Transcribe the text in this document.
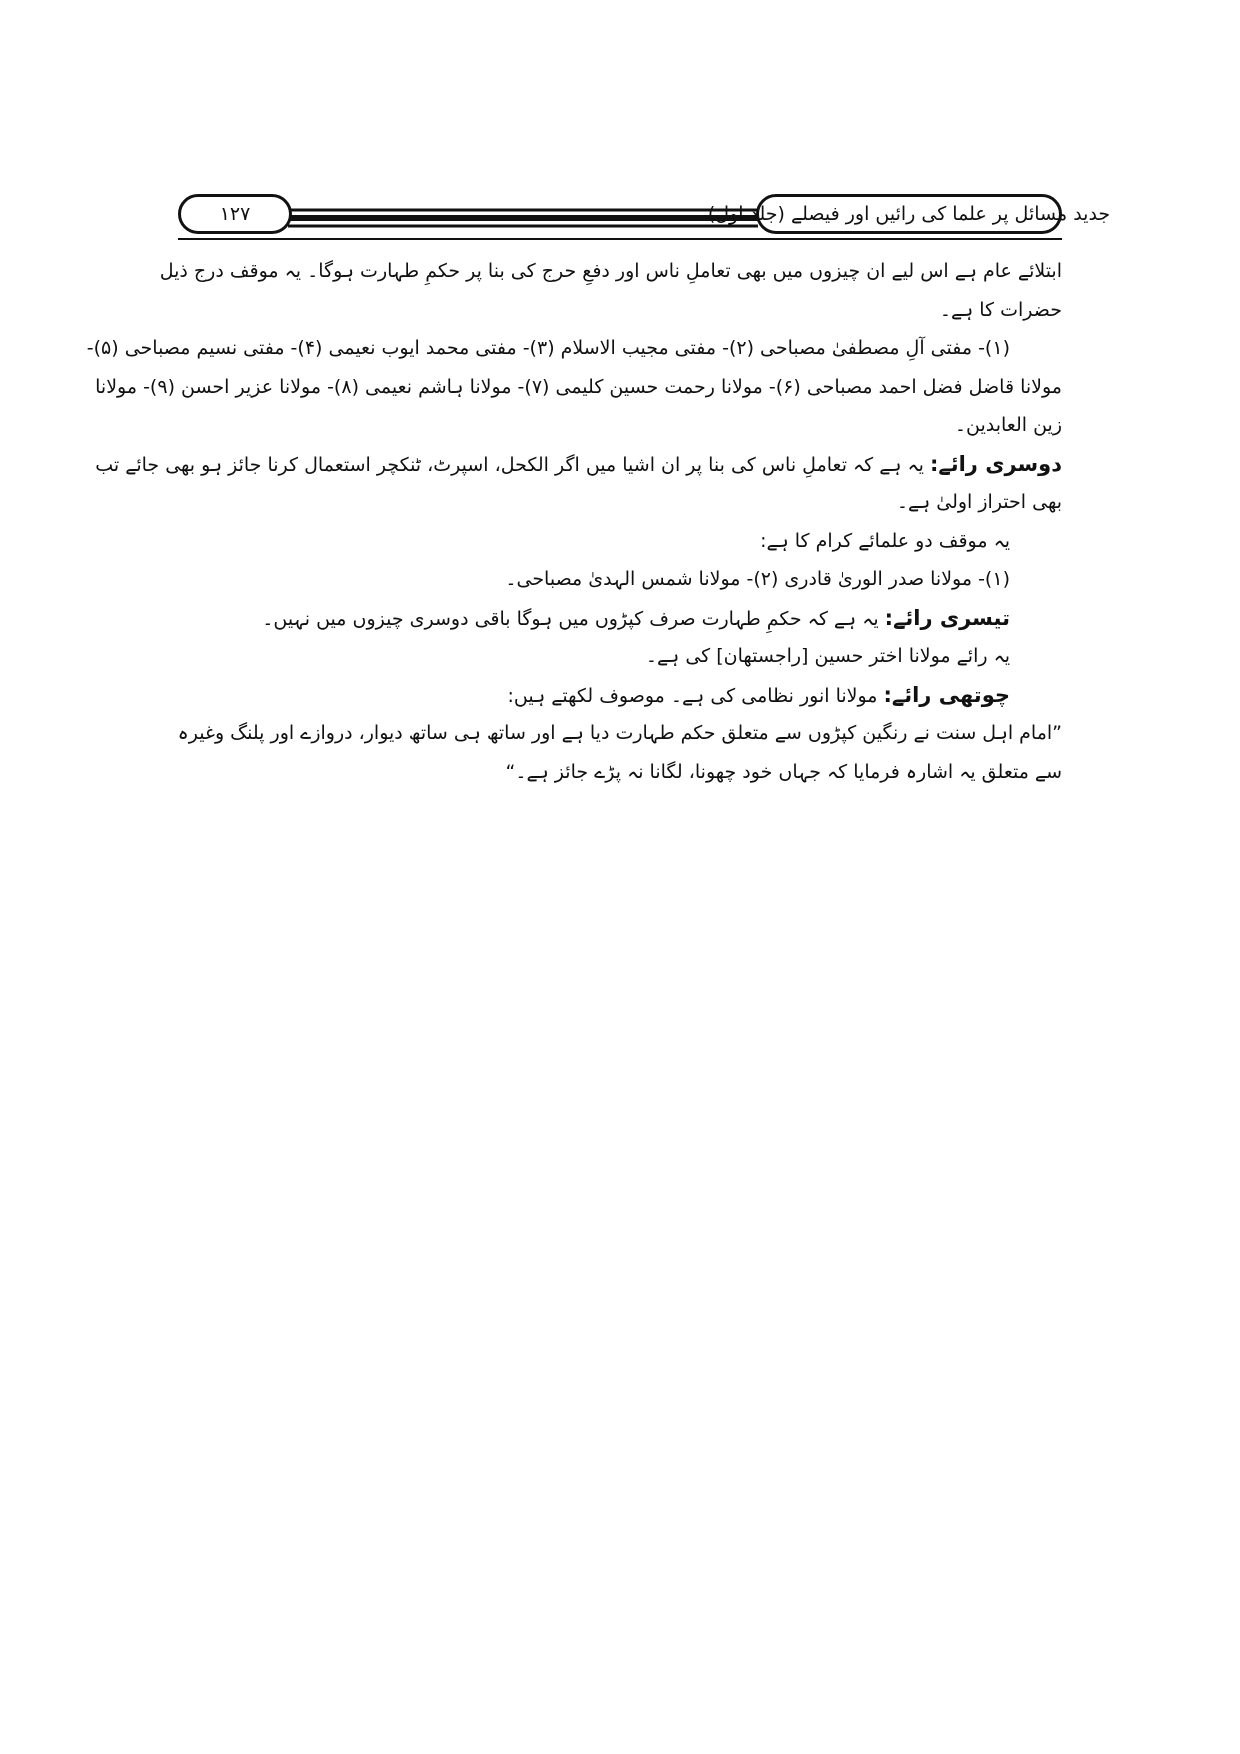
جدید مسائل پر علما کی رائیں اور فیصلے (جلد اول)
۱۲۷
ابتلائے عام ہے اس لیے ان چیزوں میں بھی تعاملِ ناس اور دفعِ حرج کی بنا پر حکمِ طہارت ہوگا۔ یہ موقف درج ذیل
حضرات کا ہے۔
(۱)- مفتی آلِ مصطفیٰ مصباحی (۲)- مفتی مجیب الاسلام (۳)- مفتی محمد ایوب نعیمی (۴)- مفتی نسیم مصباحی (۵)-
مولانا قاضل فضل احمد مصباحی (۶)- مولانا رحمت حسین کلیمی (۷)- مولانا ہاشم نعیمی (۸)- مولانا عزیر احسن (۹)- مولانا
زین العابدین۔
دوسری رائے: یہ ہے کہ تعاملِ ناس کی بنا پر ان اشیا میں اگر الکحل، اسپرٹ، ٹنکچر استعمال کرنا جائز ہو بھی جائے تب
بھی احتراز اولیٰ ہے۔
یہ موقف دو علمائے کرام کا ہے:
(۱)- مولانا صدر الوریٰ قادری (۲)- مولانا شمس الہدیٰ مصباحی۔
تیسری رائے: یہ ہے کہ حکمِ طہارت صرف کپڑوں میں ہوگا باقی دوسری چیزوں میں نہیں۔
یہ رائے مولانا اختر حسین [راجستھان] کی ہے۔
چوتھی رائے: مولانا انور نظامی کی ہے۔ موصوف لکھتے ہیں:
”امام اہل سنت نے رنگین کپڑوں سے متعلق حکم طہارت دیا ہے اور ساتھ ہی ساتھ دیوار، دروازے اور پلنگ وغیرہ
سے متعلق یہ اشارہ فرمایا کہ جہاں خود چھونا، لگانا نہ پڑے جائز ہے۔“
